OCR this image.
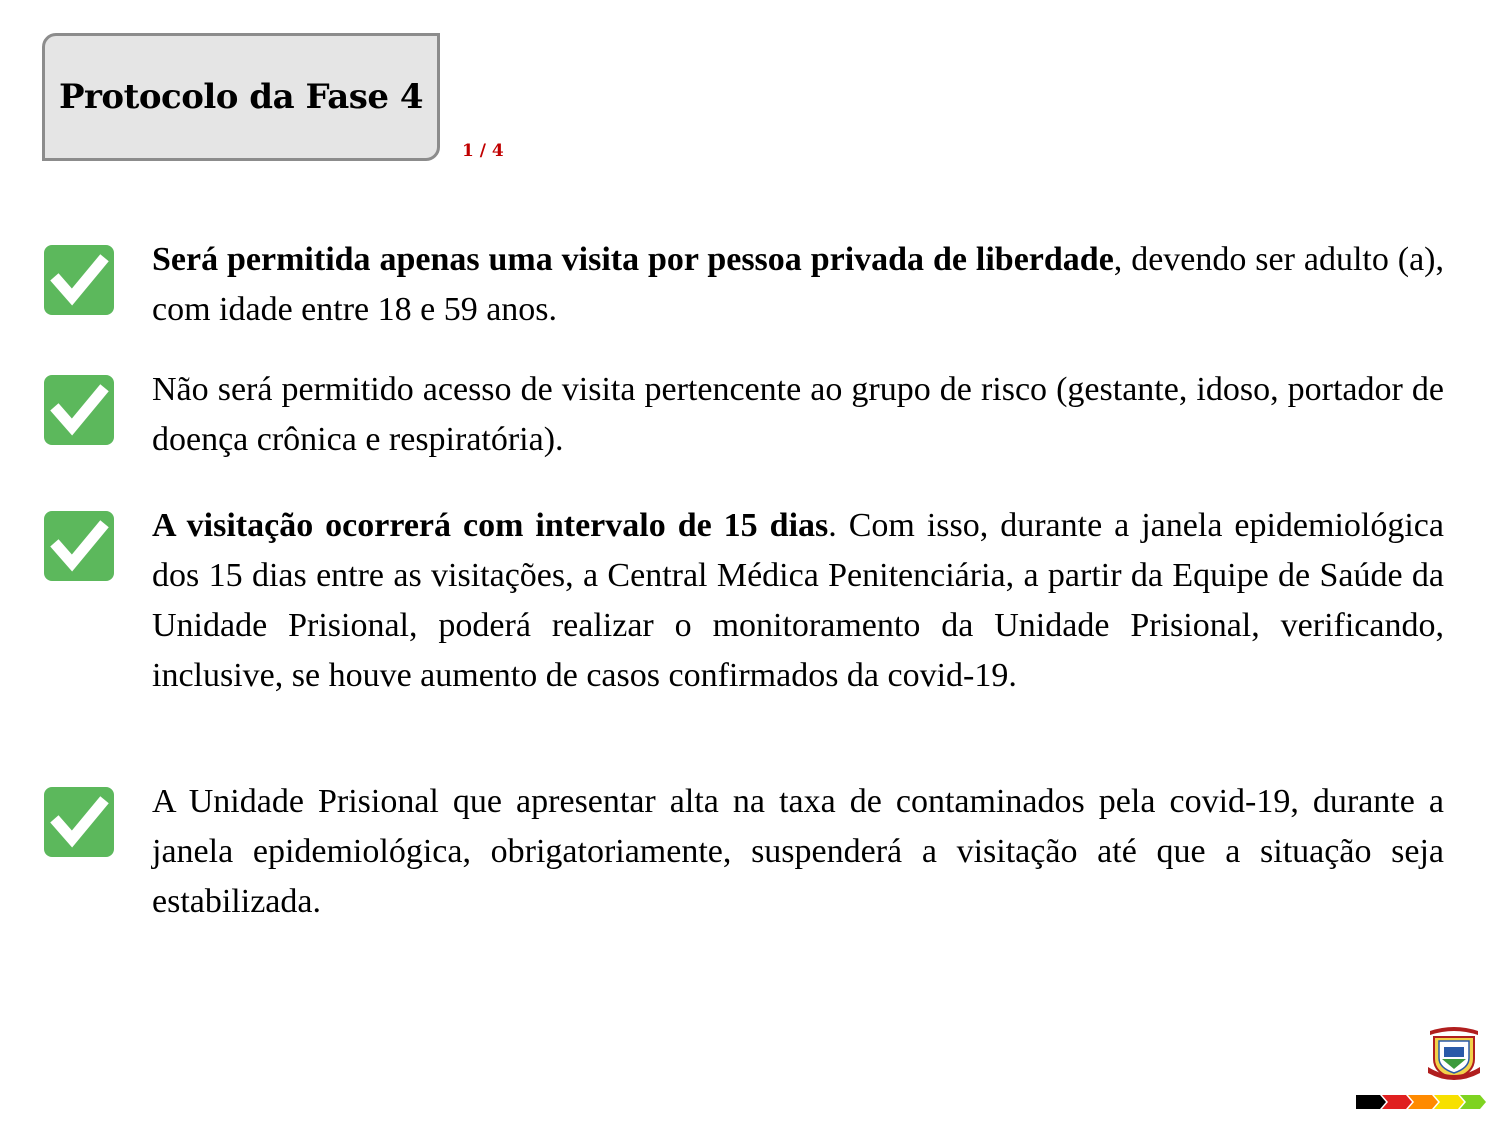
Protocolo da Fase 4
1 / 4
Será permitida apenas uma visita por pessoa privada de liberdade, devendo ser adulto (a), com idade entre 18 e 59 anos.
Não será permitido acesso de visita pertencente ao grupo de risco (gestante, idoso, portador de doença crônica e respiratória).
A visitação ocorrerá com intervalo de 15 dias. Com isso, durante a janela epidemiológica dos 15 dias entre as visitações, a Central Médica Penitenciária, a partir da Equipe de Saúde da Unidade Prisional, poderá realizar o monitoramento da Unidade Prisional, verificando, inclusive, se houve aumento de casos confirmados da covid-19.
A Unidade Prisional que apresentar alta na taxa de contaminados pela covid-19, durante a janela epidemiológica, obrigatoriamente, suspenderá a visitação até que a situação seja estabilizada.
